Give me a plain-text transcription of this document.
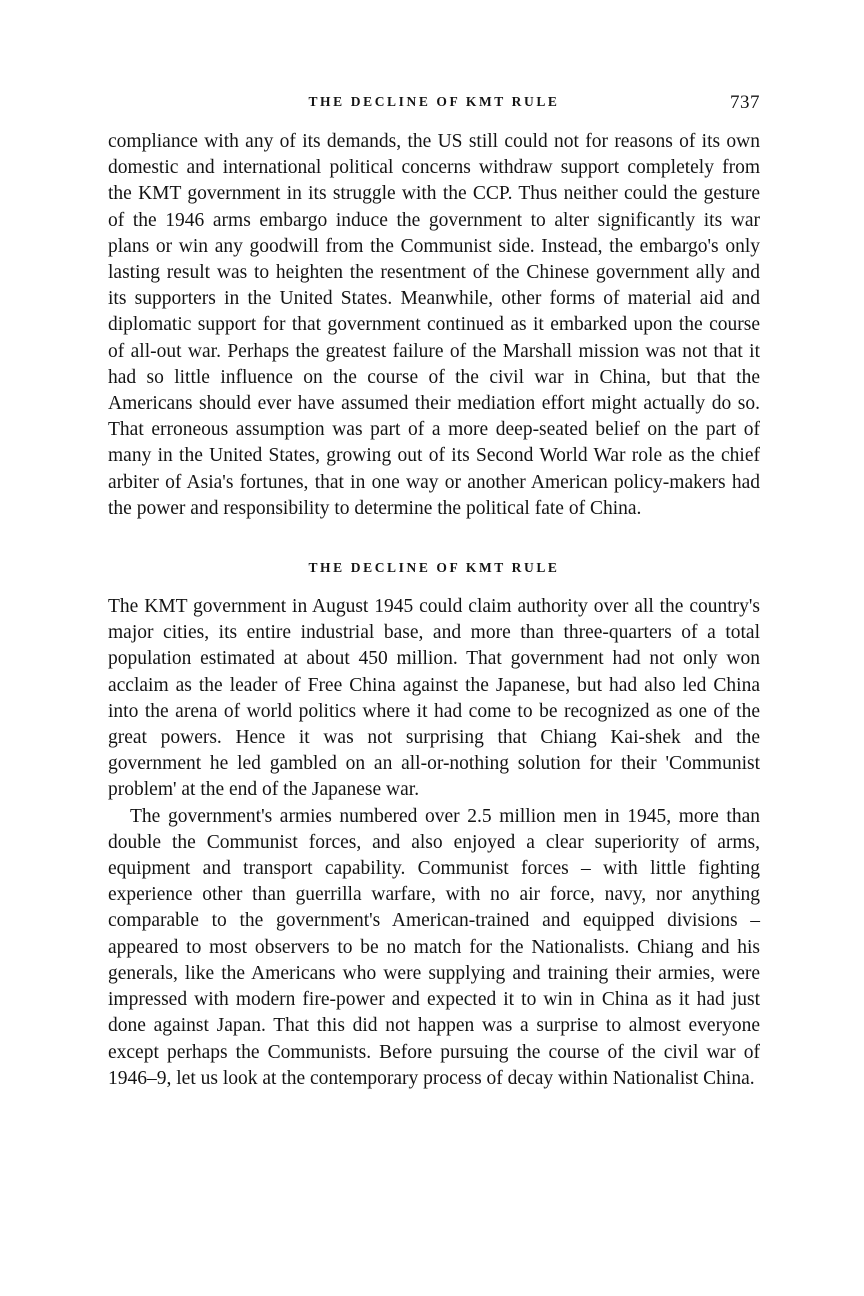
THE DECLINE OF KMT RULE	737

compliance with any of its demands, the US still could not for reasons of its own domestic and international political concerns withdraw support completely from the KMT government in its struggle with the CCP. Thus neither could the gesture of the 1946 arms embargo induce the government to alter significantly its war plans or win any goodwill from the Communist side. Instead, the embargo's only lasting result was to heighten the resentment of the Chinese government ally and its supporters in the United States. Meanwhile, other forms of material aid and diplomatic support for that government continued as it embarked upon the course of all-out war. Perhaps the greatest failure of the Marshall mission was not that it had so little influence on the course of the civil war in China, but that the Americans should ever have assumed their mediation effort might actually do so. That erroneous assumption was part of a more deep-seated belief on the part of many in the United States, growing out of its Second World War role as the chief arbiter of Asia's fortunes, that in one way or another American policy-makers had the power and responsibility to determine the political fate of China.

THE DECLINE OF KMT RULE

The KMT government in August 1945 could claim authority over all the country's major cities, its entire industrial base, and more than three-quarters of a total population estimated at about 450 million. That government had not only won acclaim as the leader of Free China against the Japanese, but had also led China into the arena of world politics where it had come to be recognized as one of the great powers. Hence it was not surprising that Chiang Kai-shek and the government he led gambled on an all-or-nothing solution for their 'Communist problem' at the end of the Japanese war.

The government's armies numbered over 2.5 million men in 1945, more than double the Communist forces, and also enjoyed a clear superiority of arms, equipment and transport capability. Communist forces – with little fighting experience other than guerrilla warfare, with no air force, navy, nor anything comparable to the government's American-trained and equipped divisions – appeared to most observers to be no match for the Nationalists. Chiang and his generals, like the Americans who were supplying and training their armies, were impressed with modern fire-power and expected it to win in China as it had just done against Japan. That this did not happen was a surprise to almost everyone except perhaps the Communists. Before pursuing the course of the civil war of 1946–9, let us look at the contemporary process of decay within Nationalist China.
